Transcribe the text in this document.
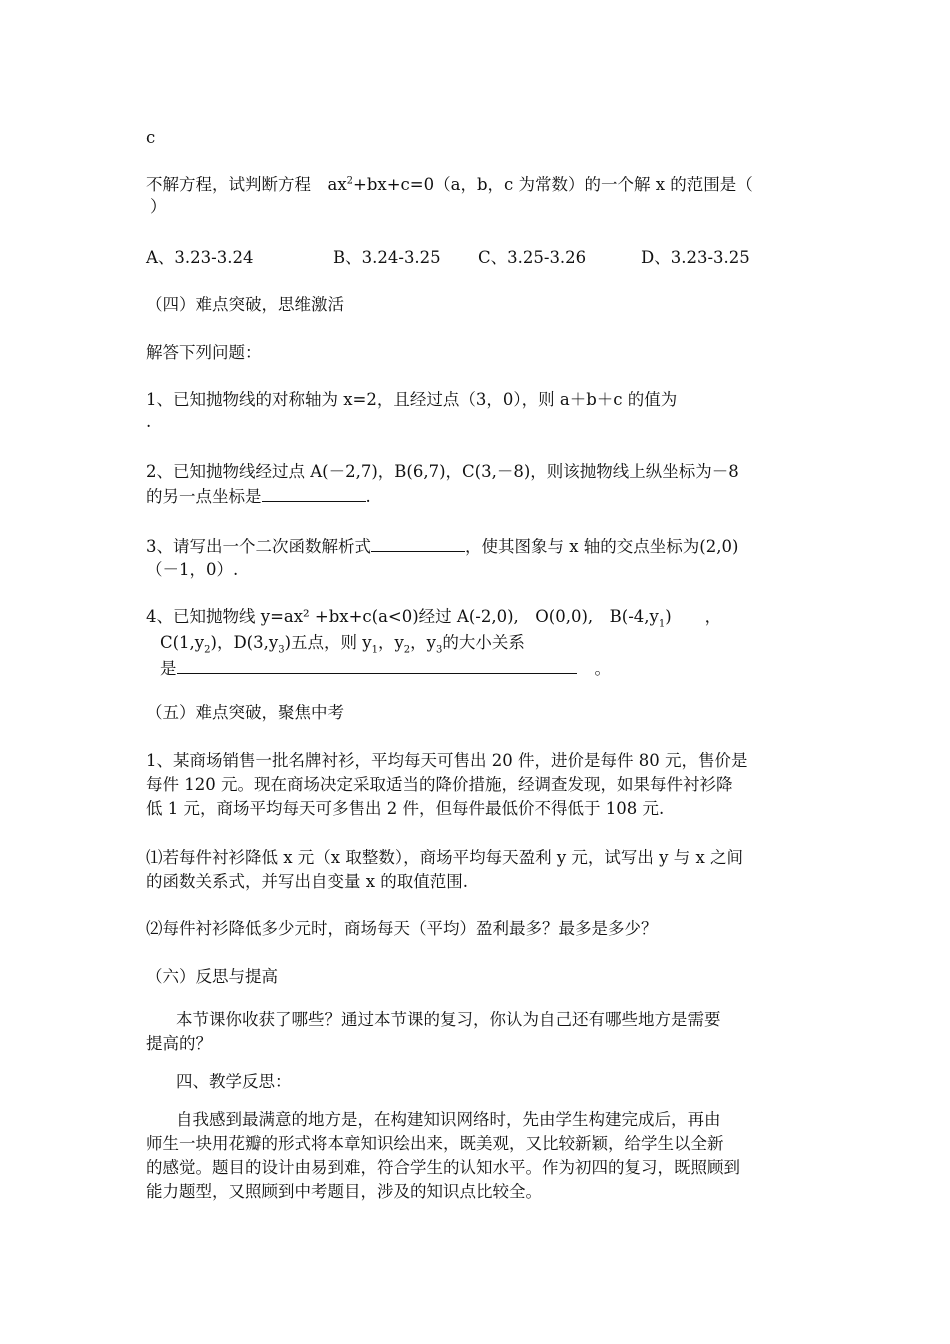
c
不解方程，试判断方程　$ax^2+bx+c=0(a$，b，c 为常数）的一个解 x 的范围是（
）
A、3.23-3.24	B、3.24-3.25 C、3.25-3.26	D、3.23-3.25
（四）难点突破，思维激活
解答下列问题：
1、已知抛物线的对称轴为 x=2，且经过点（3，0），则 a＋b＋c 的值为
.
2、已知抛物线经过点 A(－2,7)，B(6,7)，C(3,－8)，则该抛物线上纵坐标为－8
的另一点坐标是	.
3、请写出一个二次函数解析式	，使其图象与 x 轴的交点坐标为(2,0)
（－1，0）.
4、已知抛物线 y=ax² +bx+c(a<0)经过 A(-2,0),　O(0,0),　$B(-4,y_1)$　　，
$C(1,y_2)$，$D(3,y_3)$五点，则 $y_1$，$y_2$，$y_3$的大小关系
是	。
（五）难点突破，聚焦中考
1、某商场销售一批名牌衬衫，平均每天可售出 20 件，进价是每件 80 元，售价是
每件 120 元。现在商场决定采取适当的降价措施，经调查发现，如果每件衬衫降
低 1 元，商场平均每天可多售出 2 件，但每件最低价不得低于 108 元.
⑴若每件衬衫降低 x 元（x 取整数），商场平均每天盈利 y 元，试写出 y 与 x 之间
的函数关系式，并写出自变量 x 的取值范围.
⑵每件衬衫降低多少元时，商场每天（平均）盈利最多？最多是多少？
（六）反思与提高
本节课你收获了哪些？通过本节课的复习，你认为自己还有哪些地方是需要
提高的？
四、教学反思：
自我感到最满意的地方是，在构建知识网络时，先由学生构建完成后，再由
师生一块用花瓣的形式将本章知识绘出来，既美观，又比较新颖，给学生以全新
的感觉。题目的设计由易到难，符合学生的认知水平。作为初四的复习，既照顾到
能力题型，又照顾到中考题目，涉及的知识点比较全。
